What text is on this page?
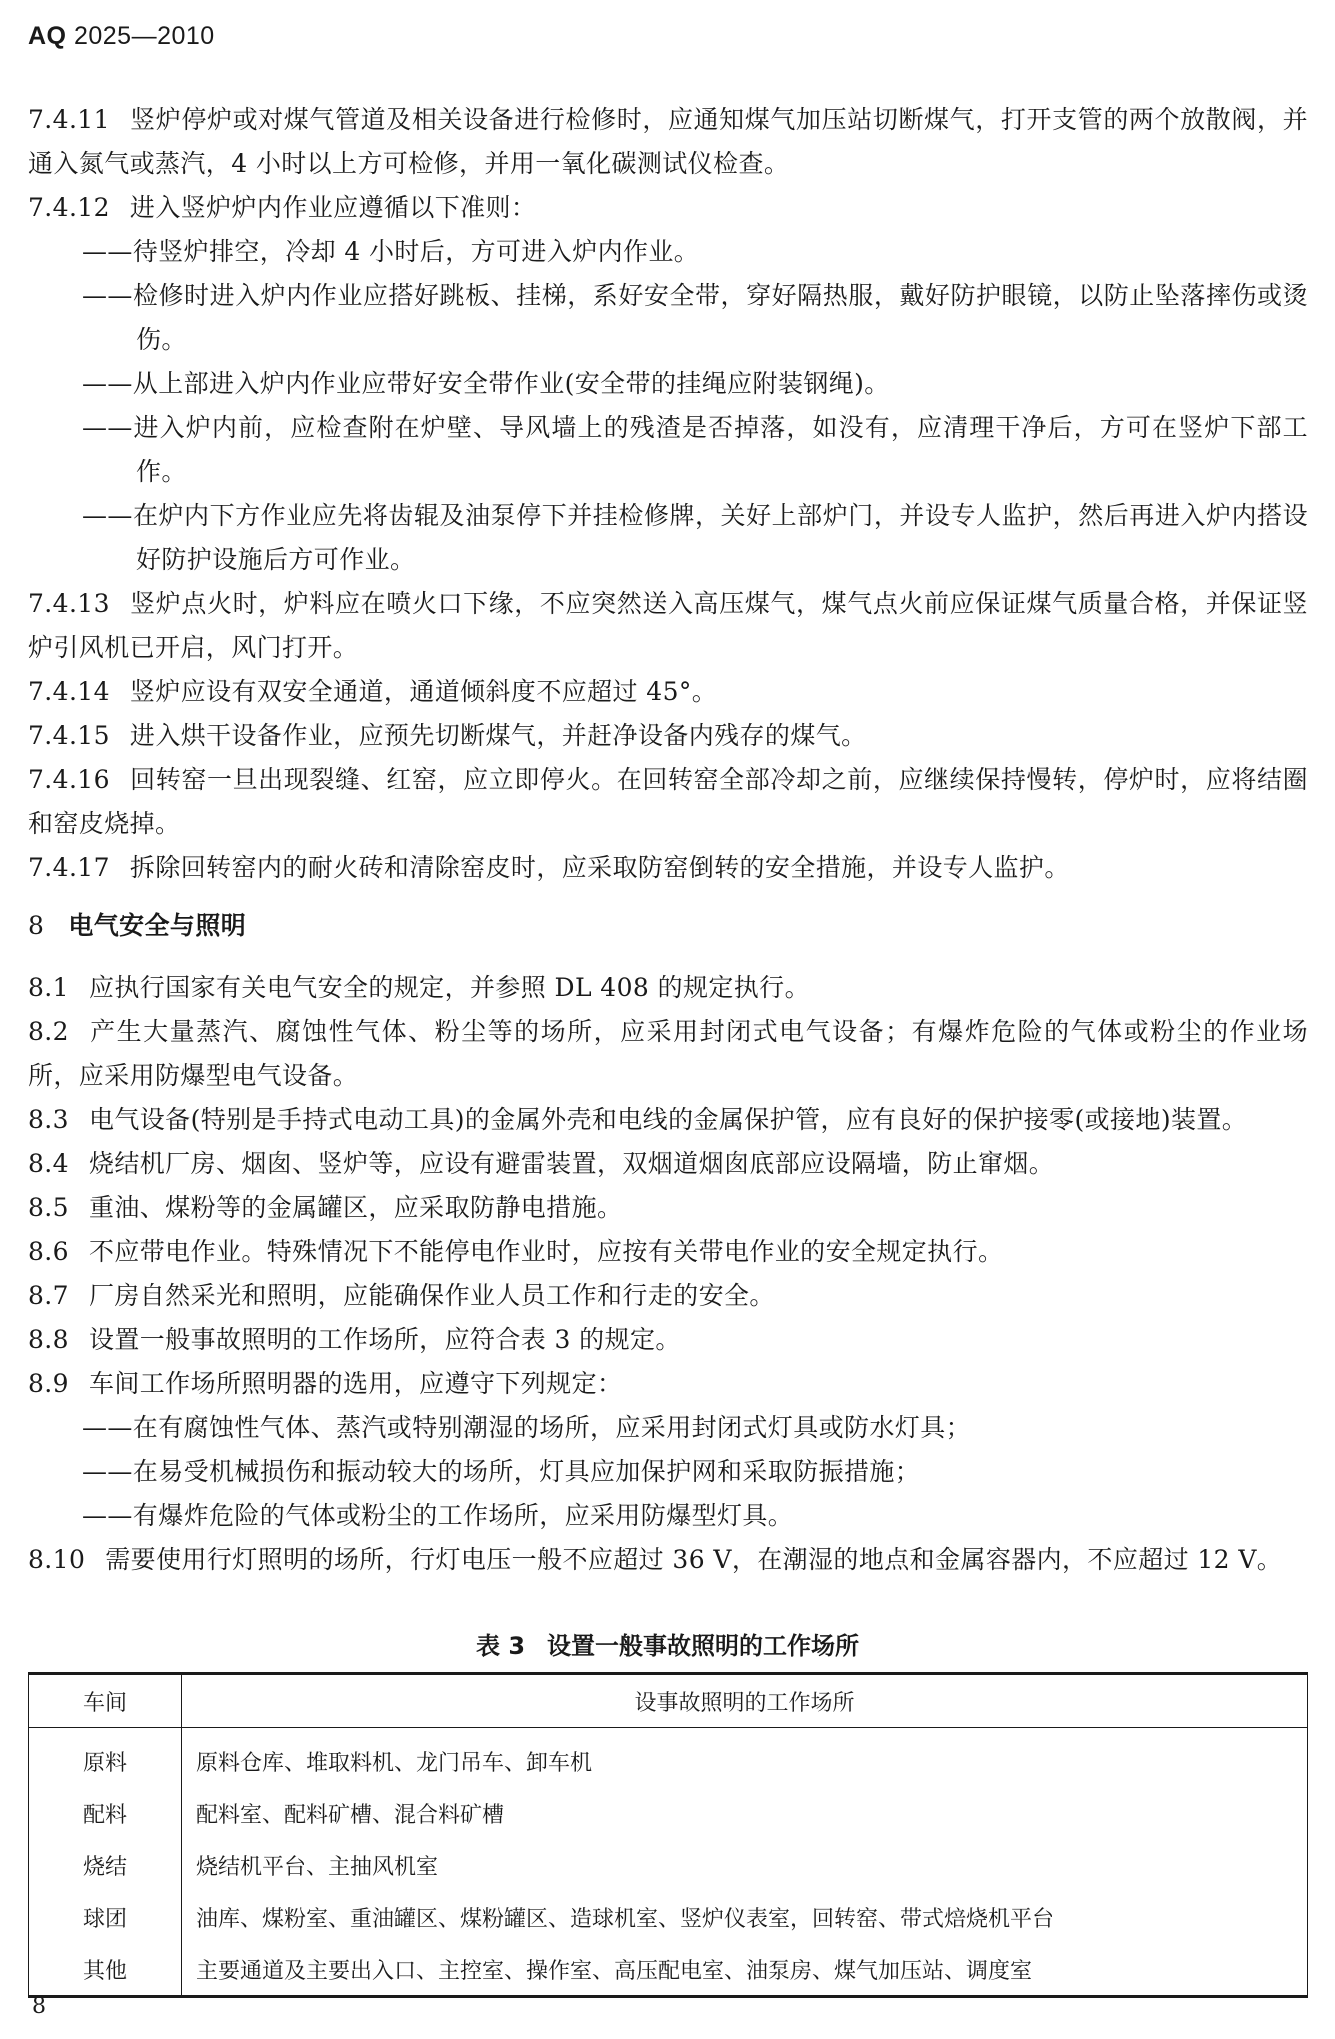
AQ 2025—2010

7.4.11 竖炉停炉或对煤气管道及相关设备进行检修时，应通知煤气加压站切断煤气，打开支管的两个放散阀，并通入氮气或蒸汽，4 小时以上方可检修，并用一氧化碳测试仪检查。

7.4.12 进入竖炉炉内作业应遵循以下准则：

——待竖炉排空，冷却 4 小时后，方可进入炉内作业。

——检修时进入炉内作业应搭好跳板、挂梯，系好安全带，穿好隔热服，戴好防护眼镜，以防止坠落摔伤或烫伤。

——从上部进入炉内作业应带好安全带作业(安全带的挂绳应附装钢绳)。

——进入炉内前，应检查附在炉壁、导风墙上的残渣是否掉落，如没有，应清理干净后，方可在竖炉下部工作。

——在炉内下方作业应先将齿辊及油泵停下并挂检修牌，关好上部炉门，并设专人监护，然后再进入炉内搭设好防护设施后方可作业。

7.4.13 竖炉点火时，炉料应在喷火口下缘，不应突然送入高压煤气，煤气点火前应保证煤气质量合格，并保证竖炉引风机已开启，风门打开。

7.4.14 竖炉应设有双安全通道，通道倾斜度不应超过 45°。

7.4.15 进入烘干设备作业，应预先切断煤气，并赶净设备内残存的煤气。

7.4.16 回转窑一旦出现裂缝、红窑，应立即停火。在回转窑全部冷却之前，应继续保持慢转，停炉时，应将结圈和窑皮烧掉。

7.4.17 拆除回转窑内的耐火砖和清除窑皮时，应采取防窑倒转的安全措施，并设专人监护。

8 电气安全与照明

8.1 应执行国家有关电气安全的规定，并参照 DL 408 的规定执行。

8.2 产生大量蒸汽、腐蚀性气体、粉尘等的场所，应采用封闭式电气设备；有爆炸危险的气体或粉尘的作业场所，应采用防爆型电气设备。

8.3 电气设备(特别是手持式电动工具)的金属外壳和电线的金属保护管，应有良好的保护接零(或接地)装置。

8.4 烧结机厂房、烟囱、竖炉等，应设有避雷装置，双烟道烟囱底部应设隔墙，防止窜烟。

8.5 重油、煤粉等的金属罐区，应采取防静电措施。

8.6 不应带电作业。特殊情况下不能停电作业时，应按有关带电作业的安全规定执行。

8.7 厂房自然采光和照明，应能确保作业人员工作和行走的安全。

8.8 设置一般事故照明的工作场所，应符合表 3 的规定。

8.9 车间工作场所照明器的选用，应遵守下列规定：

——在有腐蚀性气体、蒸汽或特别潮湿的场所，应采用封闭式灯具或防水灯具；

——在易受机械损伤和振动较大的场所，灯具应加保护网和采取防振措施；

——有爆炸危险的气体或粉尘的工作场所，应采用防爆型灯具。

8.10 需要使用行灯照明的场所，行灯电压一般不应超过 36 V，在潮湿的地点和金属容器内，不应超过 12 V。

表 3 设置一般事故照明的工作场所
车间	设事故照明的工作场所
原料	原料仓库、堆取料机、龙门吊车、卸车机
配料	配料室、配料矿槽、混合料矿槽
烧结	烧结机平台、主抽风机室
球团	油库、煤粉室、重油罐区、煤粉罐区、造球机室、竖炉仪表室，回转窑、带式焙烧机平台
其他	主要通道及主要出入口、主控室、操作室、高压配电室、油泵房、煤气加压站、调度室
8
